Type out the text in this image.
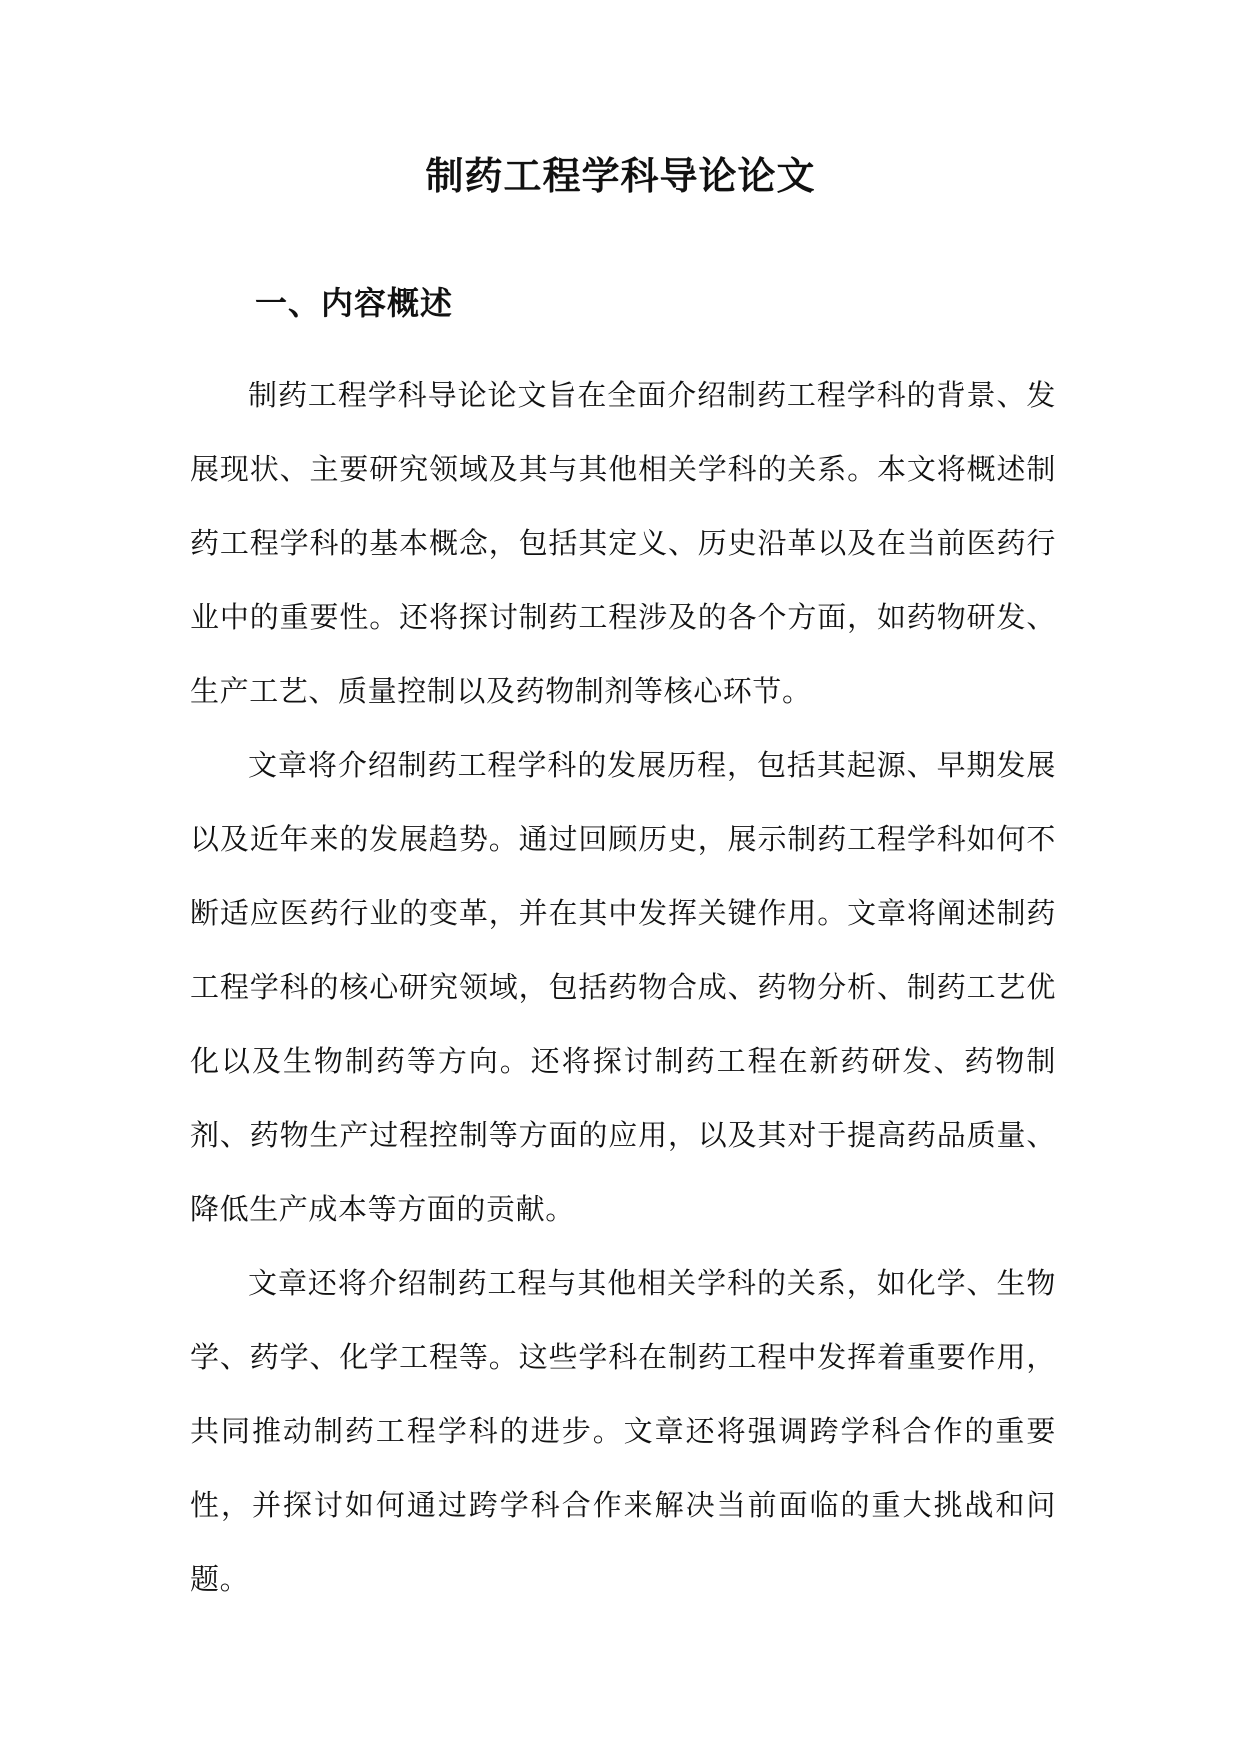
制药工程学科导论论文
一、内容概述

制药工程学科导论论文旨在全面介绍制药工程学科的背景、发展现状、主要研究领域及其与其他相关学科的关系。本文将概述制药工程学科的基本概念，包括其定义、历史沿革以及在当前医药行业中的重要性。还将探讨制药工程涉及的各个方面，如药物研发、生产工艺、质量控制以及药物制剂等核心环节。

文章将介绍制药工程学科的发展历程，包括其起源、早期发展以及近年来的发展趋势。通过回顾历史，展示制药工程学科如何不断适应医药行业的变革，并在其中发挥关键作用。文章将阐述制药工程学科的核心研究领域，包括药物合成、药物分析、制药工艺优化以及生物制药等方向。还将探讨制药工程在新药研发、药物制剂、药物生产过程控制等方面的应用，以及其对于提高药品质量、降低生产成本等方面的贡献。

文章还将介绍制药工程与其他相关学科的关系，如化学、生物学、药学、化学工程等。这些学科在制药工程中发挥着重要作用，共同推动制药工程学科的进步。文章还将强调跨学科合作的重要性，并探讨如何通过跨学科合作来解决当前面临的重大挑战和问题。
